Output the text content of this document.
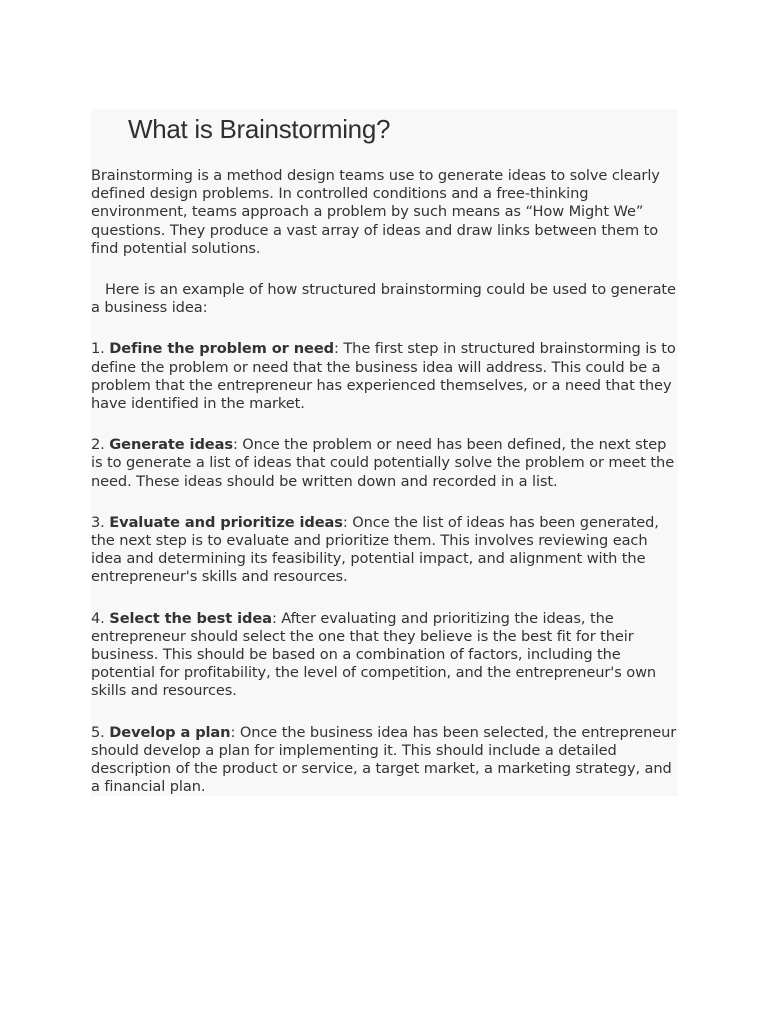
What is Brainstorming?

Brainstorming is a method design teams use to generate ideas to solve clearly defined design problems. In controlled conditions and a free-thinking environment, teams approach a problem by such means as “How Might We” questions. They produce a vast array of ideas and draw links between them to find potential solutions.

Here is an example of how structured brainstorming could be used to generate a business idea:

1. Define the problem or need: The first step in structured brainstorming is to define the problem or need that the business idea will address. This could be a problem that the entrepreneur has experienced themselves, or a need that they have identified in the market.

2. Generate ideas: Once the problem or need has been defined, the next step is to generate a list of ideas that could potentially solve the problem or meet the need. These ideas should be written down and recorded in a list.

3. Evaluate and prioritize ideas: Once the list of ideas has been generated, the next step is to evaluate and prioritize them. This involves reviewing each idea and determining its feasibility, potential impact, and alignment with the entrepreneur's skills and resources.

4. Select the best idea: After evaluating and prioritizing the ideas, the entrepreneur should select the one that they believe is the best fit for their business. This should be based on a combination of factors, including the potential for profitability, the level of competition, and the entrepreneur's own skills and resources.

5. Develop a plan: Once the business idea has been selected, the entrepreneur should develop a plan for implementing it. This should include a detailed description of the product or service, a target market, a marketing strategy, and a financial plan.
